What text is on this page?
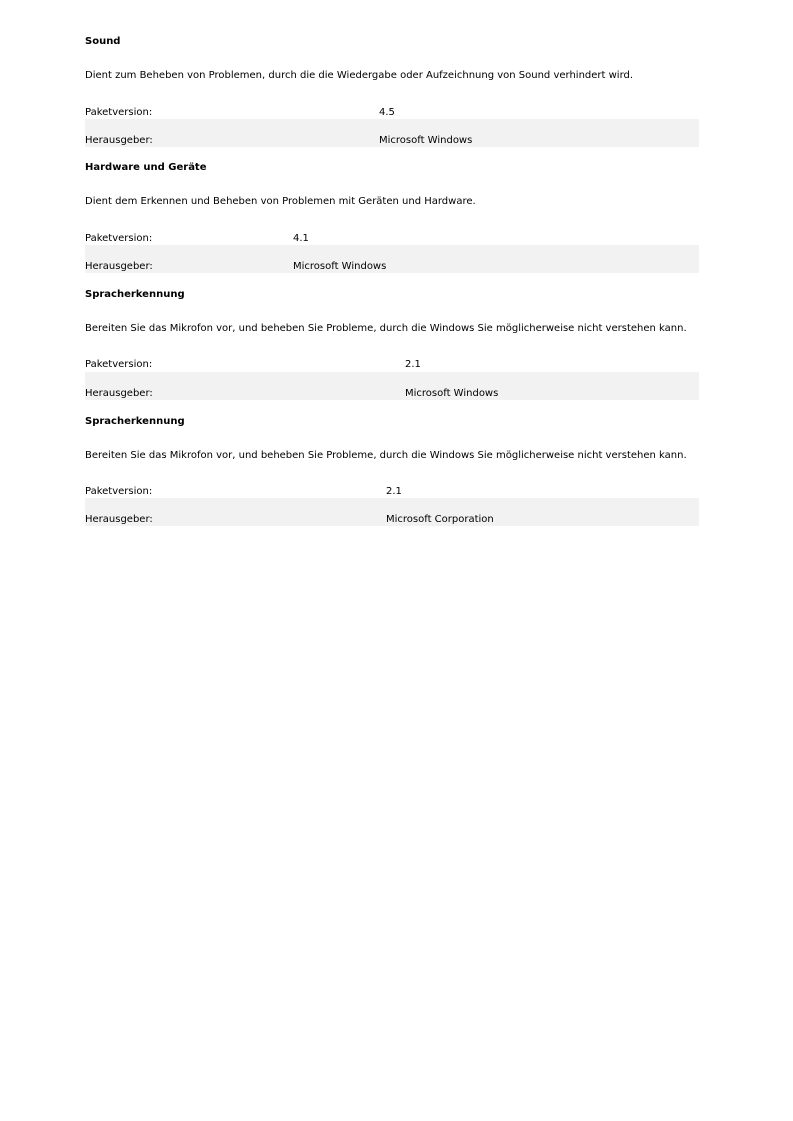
Sound
Dient zum Beheben von Problemen, durch die die Wiedergabe oder Aufzeichnung von Sound verhindert wird.
Paketversion:	4.5
Herausgeber:	Microsoft Windows
Hardware und Geräte
Dient dem Erkennen und Beheben von Problemen mit Geräten und Hardware.
Paketversion:	4.1
Herausgeber:	Microsoft Windows
Spracherkennung
Bereiten Sie das Mikrofon vor, und beheben Sie Probleme, durch die Windows Sie möglicherweise nicht verstehen kann.
Paketversion:	2.1
Herausgeber:	Microsoft Windows
Spracherkennung
Bereiten Sie das Mikrofon vor, und beheben Sie Probleme, durch die Windows Sie möglicherweise nicht verstehen kann.
Paketversion:	2.1
Herausgeber:	Microsoft Corporation
